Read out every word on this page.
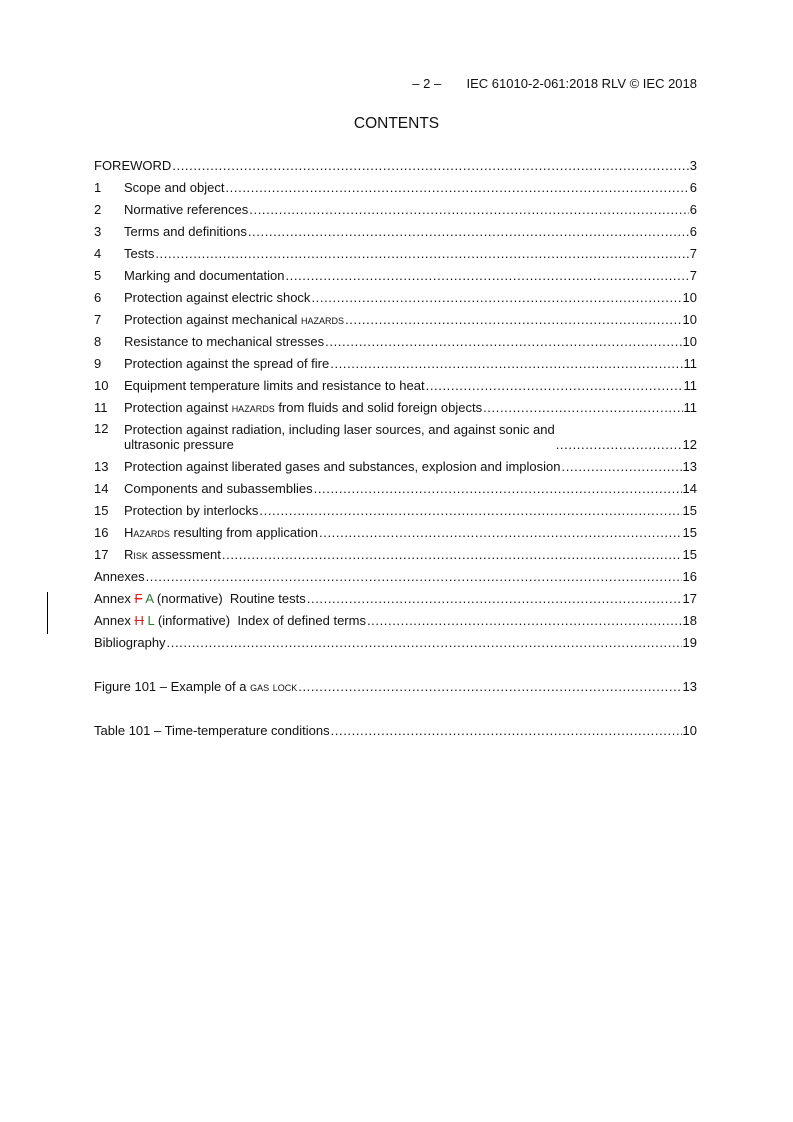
– 2 – IEC 61010-2-061:2018 RLV © IEC 2018
CONTENTS
FOREWORD .....	3
1	Scope and object .....	6
2	Normative references .....	6
3	Terms and definitions .....	6
4	Tests .....	7
5	Marking and documentation .....	7
6	Protection against electric shock .....	10
7	Protection against mechanical hazards .....	10
8	Resistance to mechanical stresses .....	10
9	Protection against the spread of fire .....	11
10	Equipment temperature limits and resistance to heat .....	11
11	Protection against hazards from fluids and solid foreign objects .....	11
12	Protection against radiation, including laser sources, and against sonic and
ultrasonic pressure .....	12
13	Protection against liberated gases and substances, explosion and implosion .....	13
14	Components and subassemblies .....	14
15	Protection by interlocks .....	15
16	Hazards resulting from application .....	15
17	Risk assessment .....	15
Annexes .....	16
Annex F A (normative)  Routine tests .....	17
Annex H L (informative)  Index of defined terms .....	18
Bibliography .....	19
Figure 101 – Example of a gas lock .....	13
Table 101 – Time-temperature conditions .....	10
